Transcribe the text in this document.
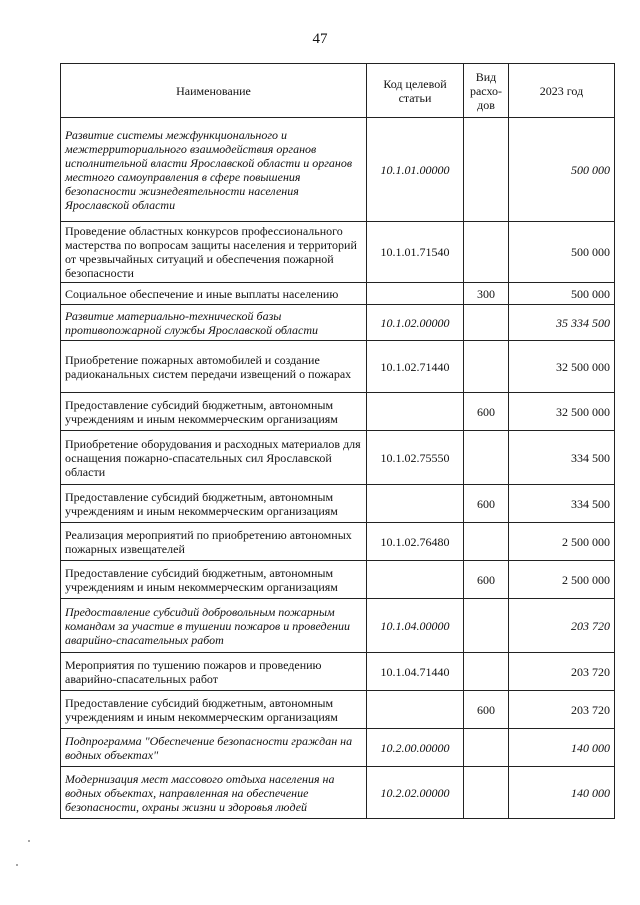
47
Наименование	Код целевой статьи	Вид расхо-дов	2023 год
Развитие системы межфункционального и межтерриториального взаимодействия органов исполнительной власти Ярославской области и органов местного самоуправления в сфере повышения безопасности жизнедеятельности населения Ярославской области	10.1.01.00000		500 000
Проведение областных конкурсов профессионального мастерства по вопросам защиты населения и территорий от чрезвычайных ситуаций и обеспечения пожарной безопасности	10.1.01.71540		500 000
Социальное обеспечение и иные выплаты населению		300	500 000
Развитие материально-технической базы противопожарной службы Ярославской области	10.1.02.00000		35 334 500
Приобретение пожарных автомобилей и создание радиоканальных систем передачи извещений о пожарах	10.1.02.71440		32 500 000
Предоставление субсидий бюджетным, автономным учреждениям и иным некоммерческим организациям		600	32 500 000
Приобретение оборудования и расходных материалов для оснащения пожарно-спасательных сил Ярославской области	10.1.02.75550		334 500
Предоставление субсидий бюджетным, автономным учреждениям и иным некоммерческим организациям		600	334 500
Реализация мероприятий по приобретению автономных пожарных извещателей	10.1.02.76480		2 500 000
Предоставление субсидий бюджетным, автономным учреждениям и иным некоммерческим организациям		600	2 500 000
Предоставление субсидий добровольным пожарным командам за участие в тушении пожаров и проведении аварийно-спасательных работ	10.1.04.00000		203 720
Мероприятия по тушению пожаров и проведению аварийно-спасательных работ	10.1.04.71440		203 720
Предоставление субсидий бюджетным, автономным учреждениям и иным некоммерческим организациям		600	203 720
Подпрограмма "Обеспечение безопасности граждан на водных объектах"	10.2.00.00000		140 000
Модернизация мест массового отдыха населения на водных объектах, направленная на обеспечение безопасности, охраны жизни и здоровья людей	10.2.02.00000		140 000
